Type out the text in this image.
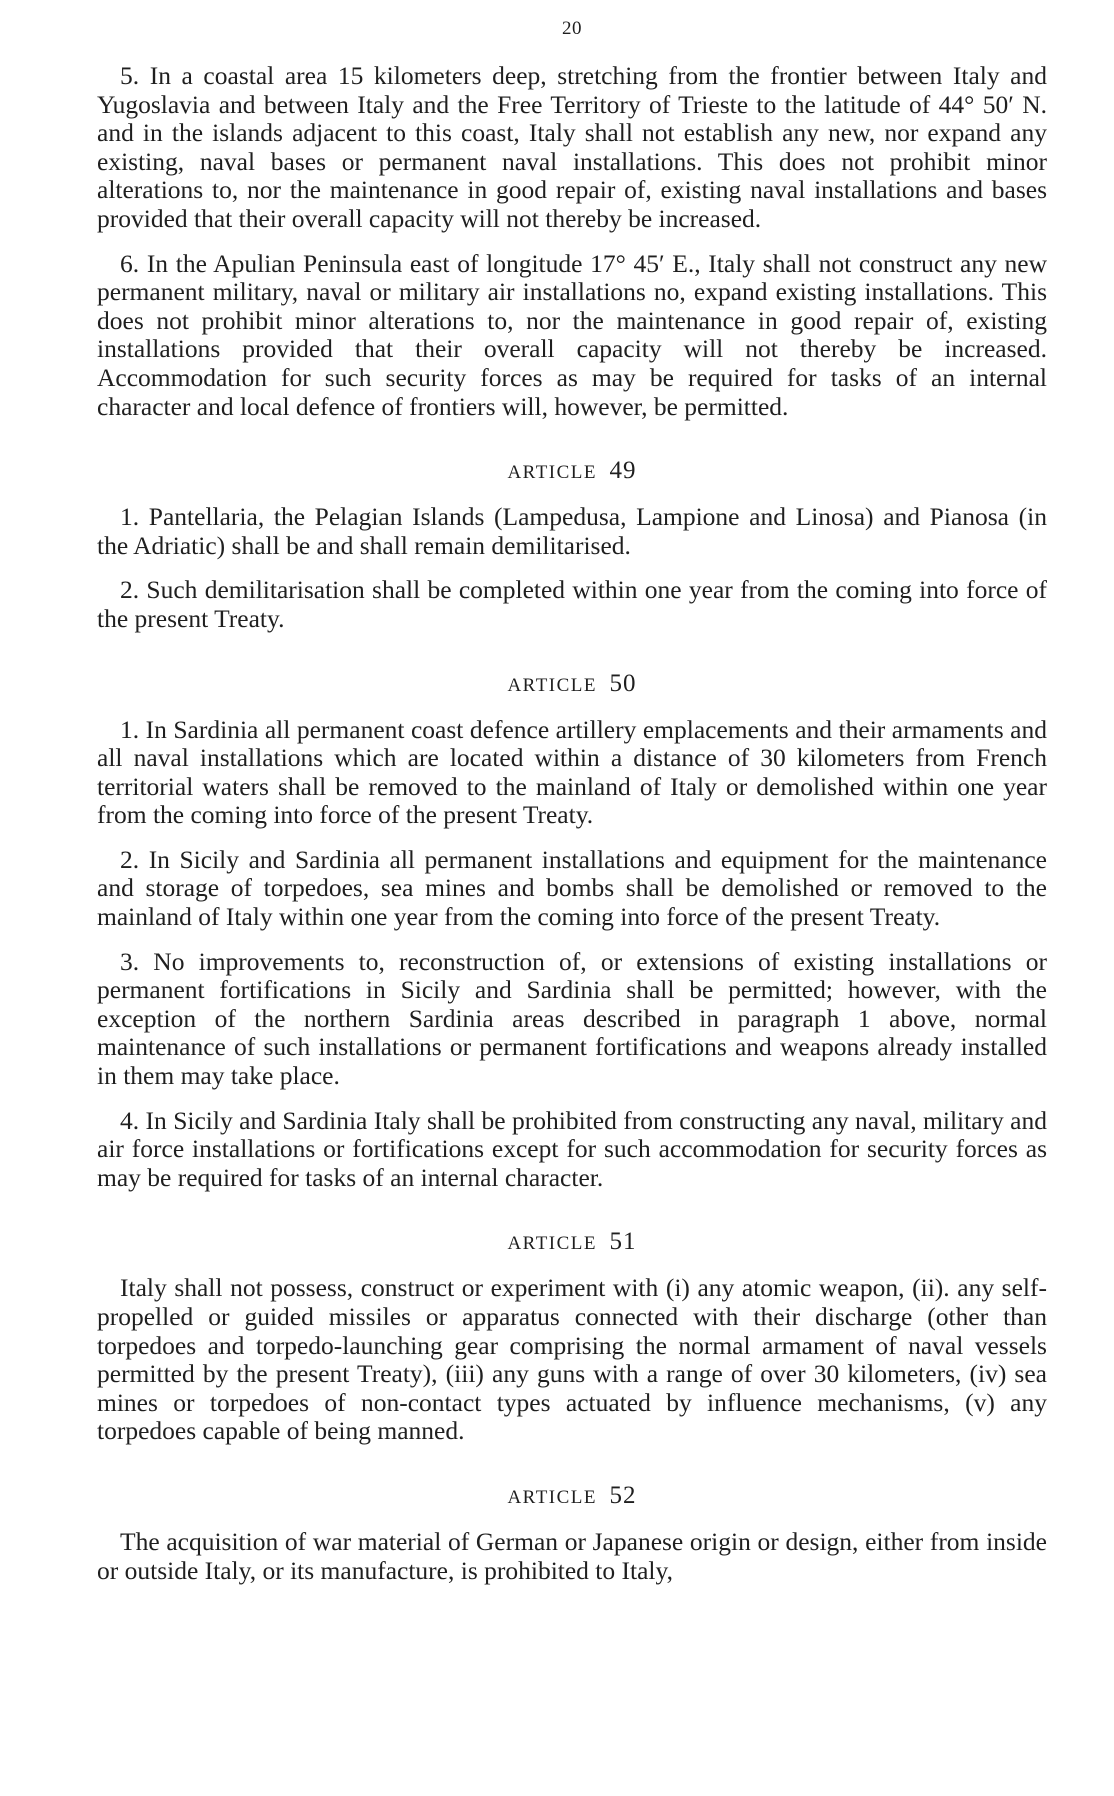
20

5. In a coastal area 15 kilometers deep, stretching from the frontier between Italy and Yugoslavia and between Italy and the Free Territory of Trieste to the latitude of 44° 50′ N. and in the islands adjacent to this coast, Italy shall not establish any new, nor expand any existing, naval bases or permanent naval installations. This does not prohibit minor alterations to, nor the maintenance in good repair of, existing naval installations and bases provided that their overall capacity will not thereby be increased.

6. In the Apulian Peninsula east of longitude 17° 45′ E., Italy shall not construct any new permanent military, naval or military air installations no, expand existing installations. This does not prohibit minor alterations to, nor the maintenance in good repair of, existing installations provided that their overall capacity will not thereby be increased. Accommodation for such security forces as may be required for tasks of an internal character and local defence of frontiers will, however, be permitted.

ARTICLE 49

1. Pantellaria, the Pelagian Islands (Lampedusa, Lampione and Linosa) and Pianosa (in the Adriatic) shall be and shall remain demilitarised.

2. Such demilitarisation shall be completed within one year from the coming into force of the present Treaty.

ARTICLE 50

1. In Sardinia all permanent coast defence artillery emplacements and their armaments and all naval installations which are located within a distance of 30 kilometers from French territorial waters shall be removed to the mainland of Italy or demolished within one year from the coming into force of the present Treaty.

2. In Sicily and Sardinia all permanent installations and equipment for the maintenance and storage of torpedoes, sea mines and bombs shall be demolished or removed to the mainland of Italy within one year from the coming into force of the present Treaty.

3. No improvements to, reconstruction of, or extensions of existing installations or permanent fortifications in Sicily and Sardinia shall be permitted; however, with the exception of the northern Sardinia areas described in paragraph 1 above, normal maintenance of such installations or permanent fortifications and weapons already installed in them may take place.

4. In Sicily and Sardinia Italy shall be prohibited from constructing any naval, military and air force installations or fortifications except for such accommodation for security forces as may be required for tasks of an internal character.

ARTICLE 51

Italy shall not possess, construct or experiment with (i) any atomic weapon, (ii). any self-propelled or guided missiles or apparatus connected with their discharge (other than torpedoes and torpedo-launching gear comprising the normal armament of naval vessels permitted by the present Treaty), (iii) any guns with a range of over 30 kilometers, (iv) sea mines or torpedoes of non-contact types actuated by influence mechanisms, (v) any torpedoes capable of being manned.

ARTICLE 52

The acquisition of war material of German or Japanese origin or design, either from inside or outside Italy, or its manufacture, is prohibited to Italy,
